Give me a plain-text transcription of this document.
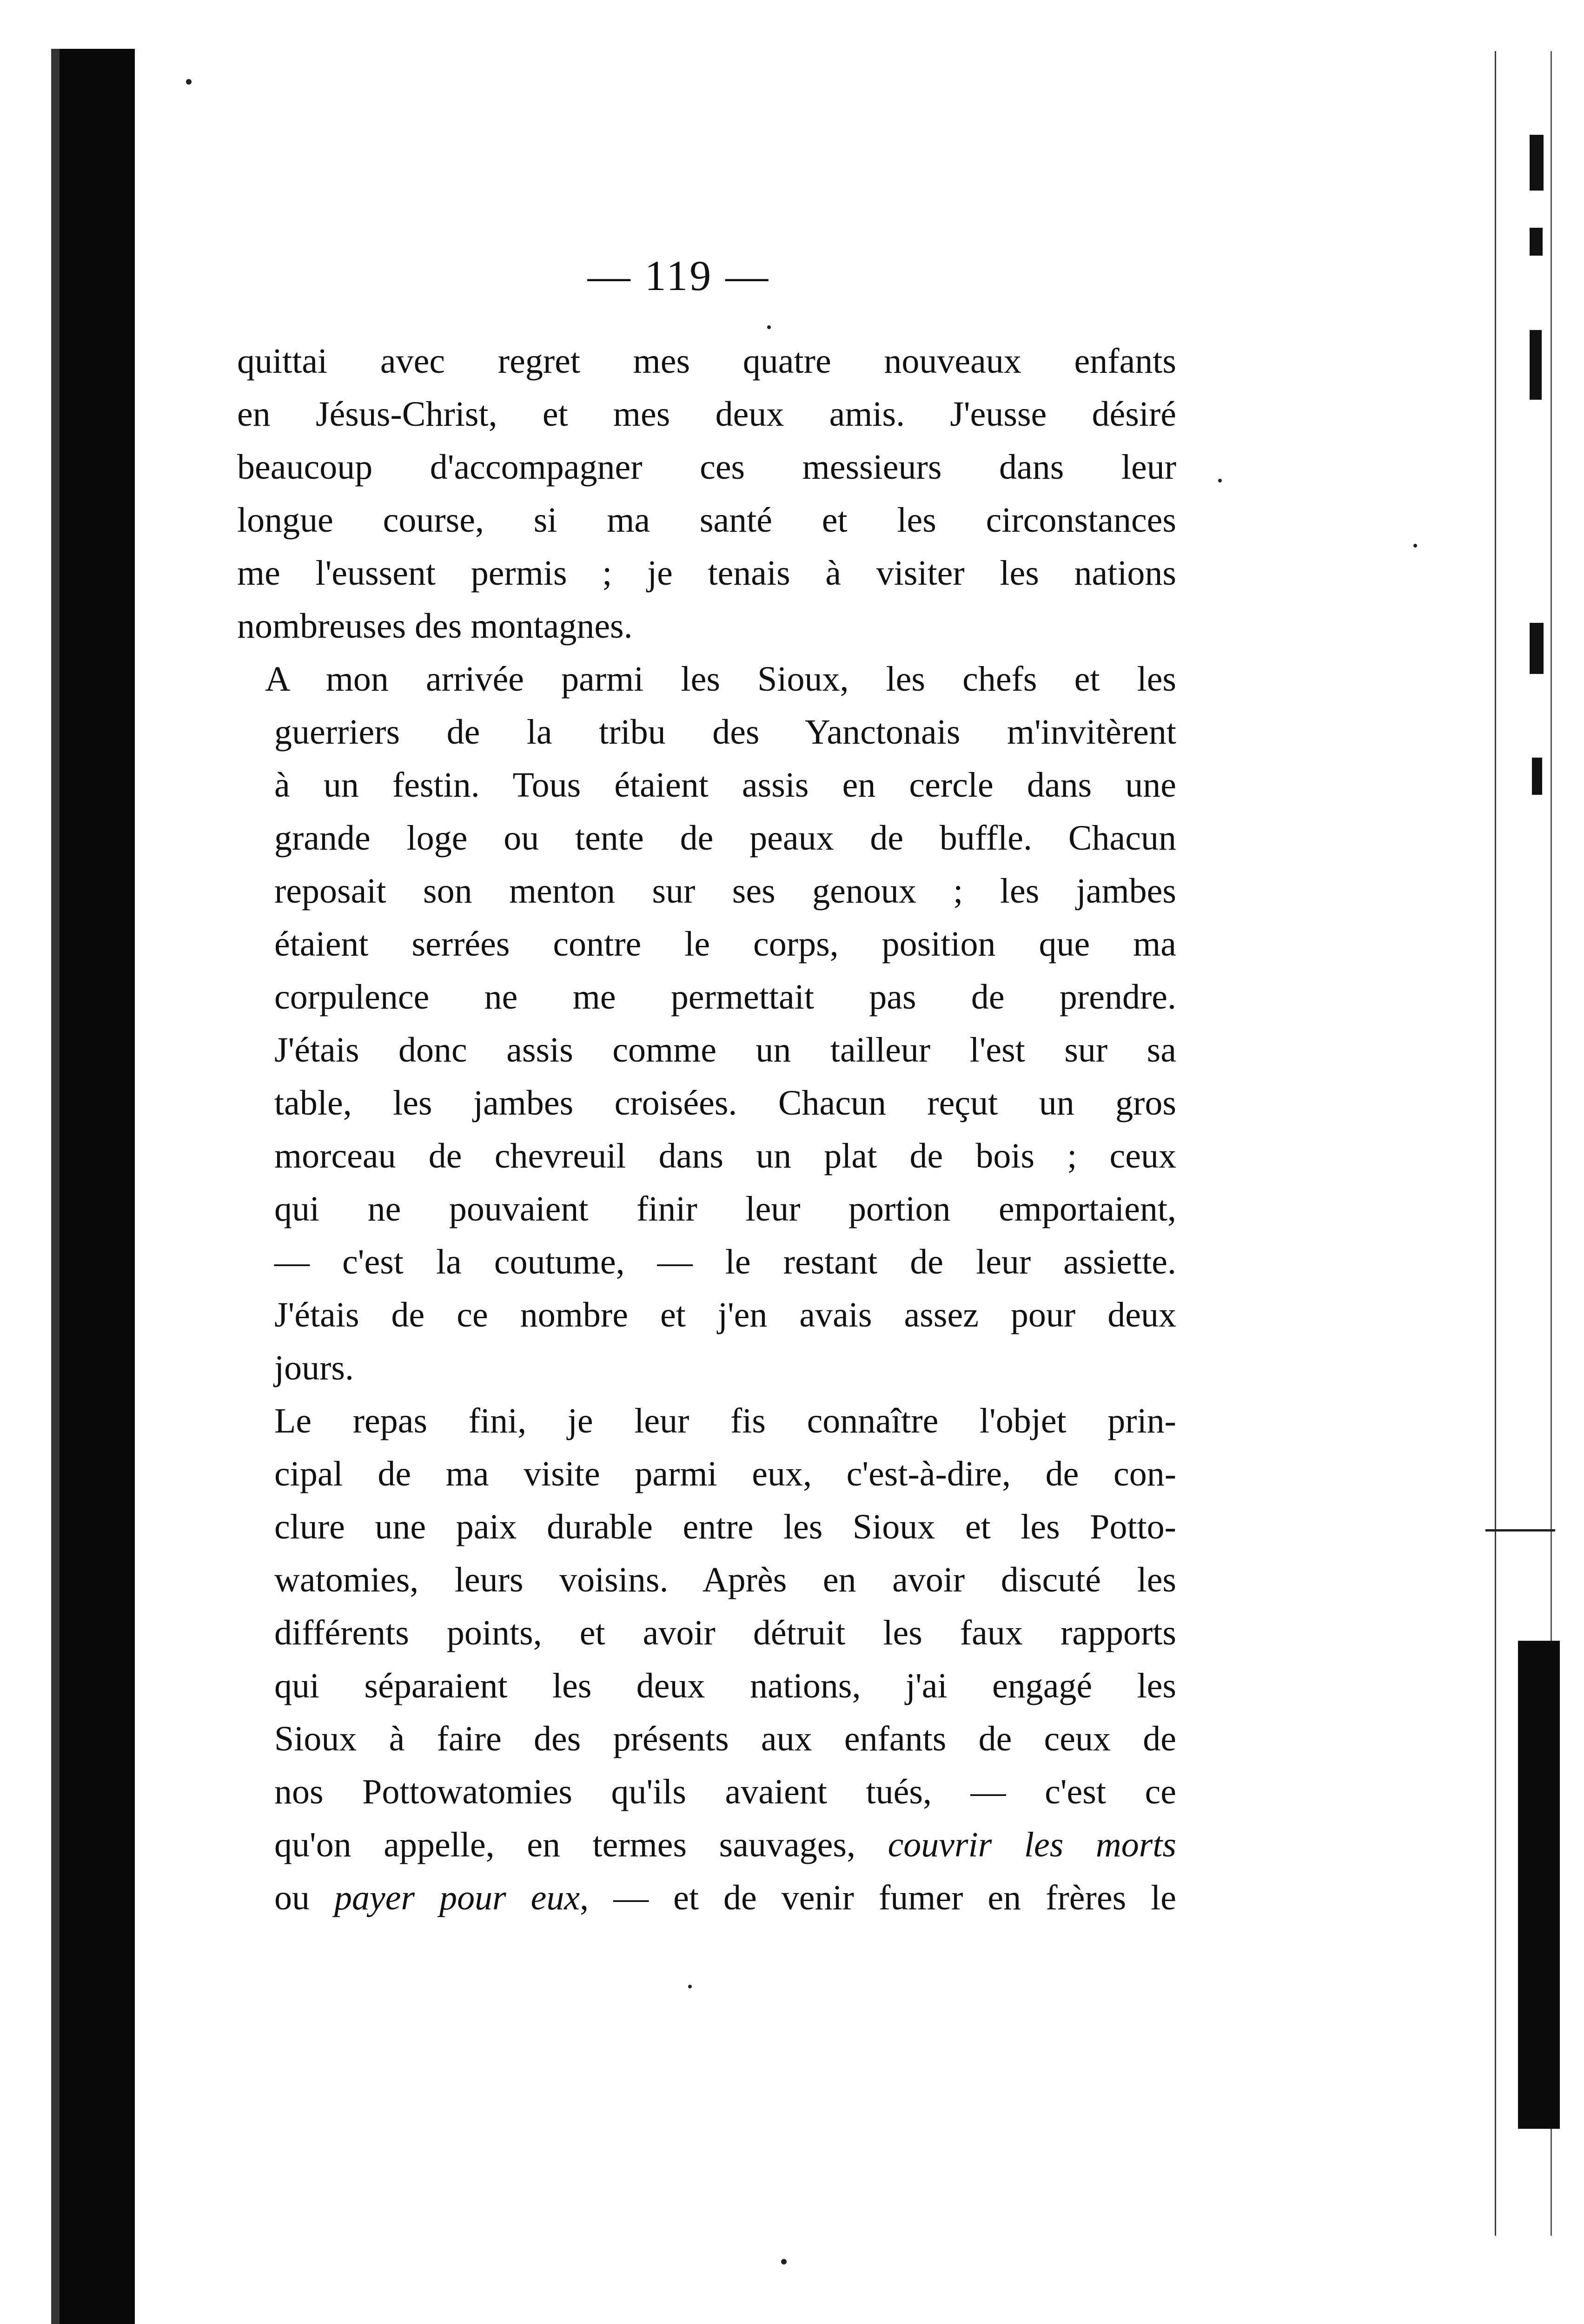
— 119 —

quittai avec regret mes quatre nouveaux enfants
en Jésus-Christ, et mes deux amis. J'eusse désiré
beaucoup d'accompagner ces messieurs dans leur
longue course, si ma santé et les circonstances
me l'eussent permis ; je tenais à visiter les nations
nombreuses des montagnes.

A mon arrivée parmi les Sioux, les chefs et les
guerriers de la tribu des Yanctonais m'invitèrent
à un festin. Tous étaient assis en cercle dans une
grande loge ou tente de peaux de buffle. Chacun
reposait son menton sur ses genoux ; les jambes
étaient serrées contre le corps, position que ma
corpulence ne me permettait pas de prendre.
J'étais donc assis comme un tailleur l'est sur sa
table, les jambes croisées. Chacun reçut un gros
morceau de chevreuil dans un plat de bois ; ceux
qui ne pouvaient finir leur portion emportaient,
— c'est la coutume, — le restant de leur assiette.
J'étais de ce nombre et j'en avais assez pour deux
jours.

Le repas fini, je leur fis connaître l'objet prin-
cipal de ma visite parmi eux, c'est-à-dire, de con-
clure une paix durable entre les Sioux et les Potto-
watomies, leurs voisins. Après en avoir discuté les
différents points, et avoir détruit les faux rapports
qui séparaient les deux nations, j'ai engagé les
Sioux à faire des présents aux enfants de ceux de
nos Pottowatomies qu'ils avaient tués, — c'est ce
qu'on appelle, en termes sauvages, couvrir les morts
ou payer pour eux, — et de venir fumer en frères le
